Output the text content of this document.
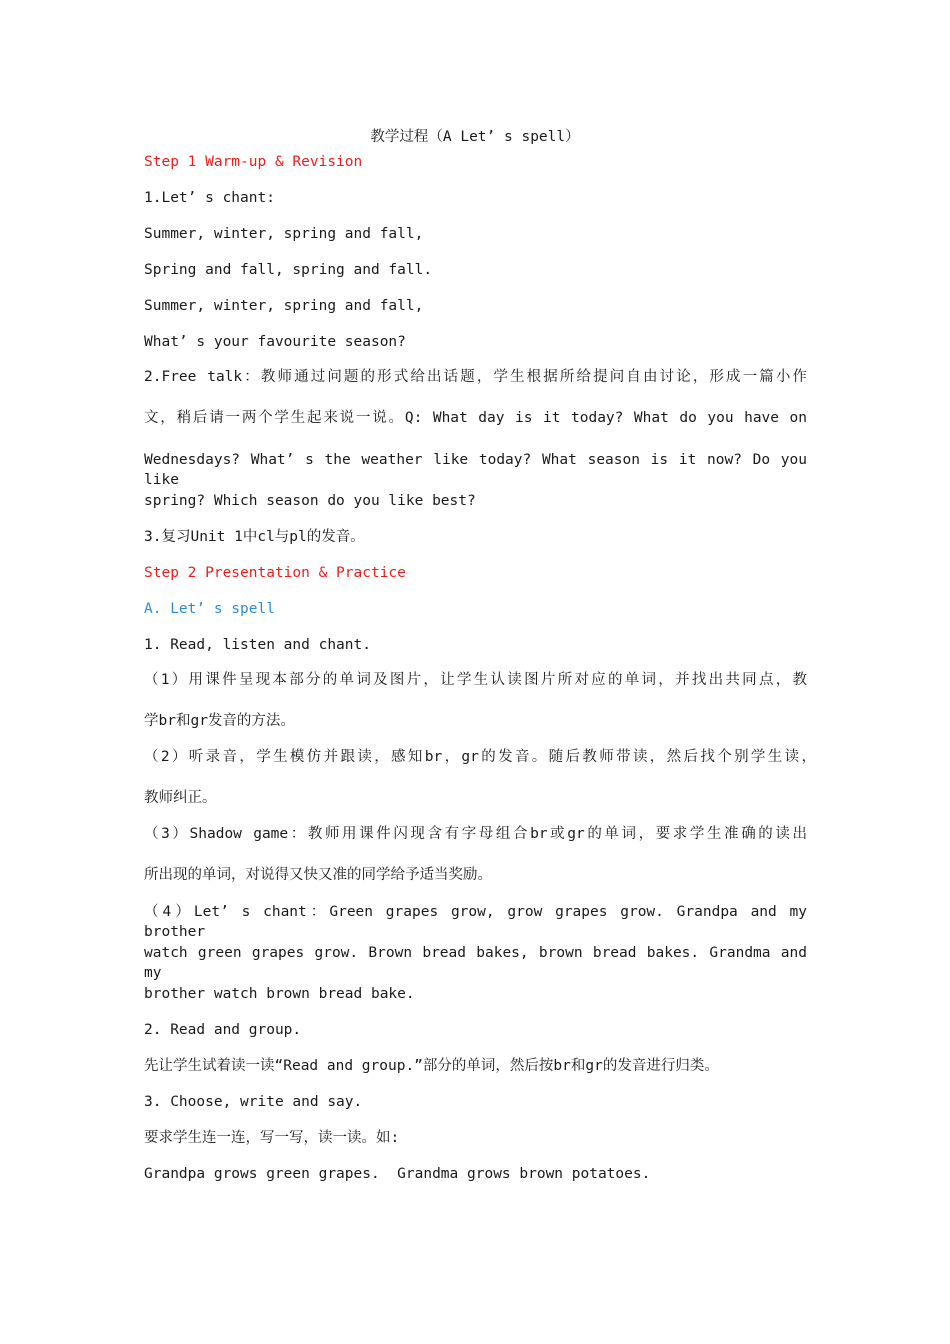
教学过程（A Let’ s spell）
Step 1 Warm-up & Revision
1.Let’ s chant:
Summer, winter, spring and fall,
Spring and fall, spring and fall.
Summer, winter, spring and fall,
What’ s your favourite season?
2.Free talk：教师通过问题的形式给出话题，学生根据所给提问自由讨论，形成一篇小作
文，稍后请一两个学生起来说一说。Q: What day is it today? What do you have on
Wednesdays? What’ s the weather like today? What season is it now? Do you like
spring? Which season do you like best?
3.复习Unit 1中cl与pl的发音。
Step 2 Presentation & Practice
A. Let’ s spell
1. Read, listen and chant.
（1）用课件呈现本部分的单词及图片，让学生认读图片所对应的单词，并找出共同点，教
学br和gr发音的方法。
（2）听录音，学生模仿并跟读，感知br，gr的发音。随后教师带读，然后找个别学生读，
教师纠正。
（3）Shadow game：教师用课件闪现含有字母组合br或gr的单词，要求学生准确的读出
所出现的单词，对说得又快又准的同学给予适当奖励。
（4）Let’ s chant：Green grapes grow, grow grapes grow. Grandpa and my brother
watch green grapes grow. Brown bread bakes, brown bread bakes. Grandma and my
brother watch brown bread bake.
2. Read and group.
先让学生试着读一读“Read and group.”部分的单词，然后按br和gr的发音进行归类。
3. Choose, write and say.
要求学生连一连，写一写，读一读。如:
Grandpa grows green grapes.  Grandma grows brown potatoes.
